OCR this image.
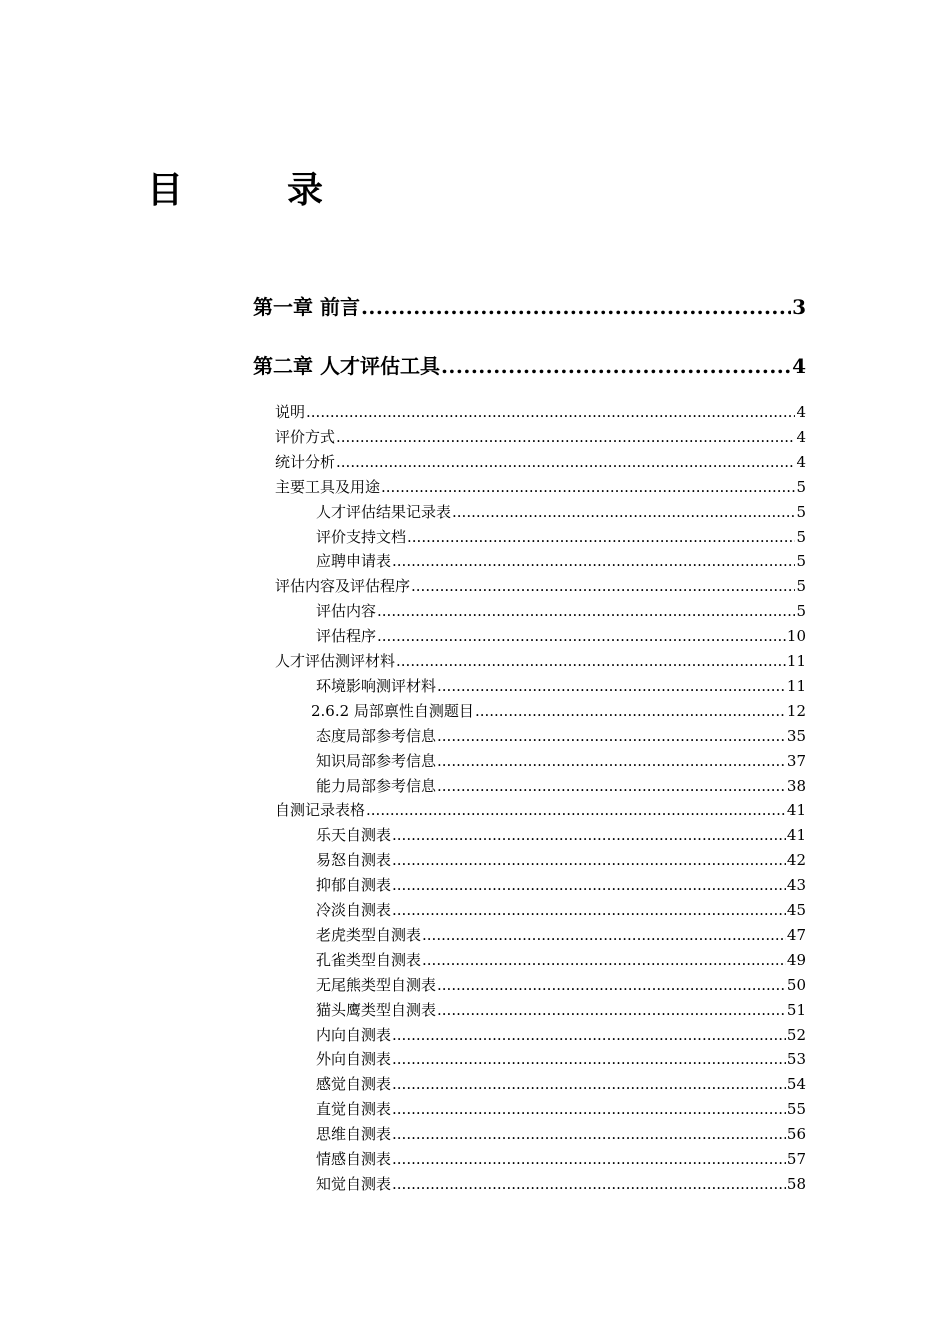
目　录
第一章 前言 .....	3
第二章 人才评估工具 .....	4
说明 .....	4
评价方式 .....	4
统计分析 .....	4
主要工具及用途 .....	5
人才评估结果记录表 .....	5
评价支持文档 .....	5
应聘申请表 .....	5
评估内容及评估程序 .....	5
评估内容 .....	5
评估程序 .....	10
人才评估测评材料 .....	11
环境影响测评材料 .....	11
2.6.2 局部禀性自测题目 .....	12
态度局部参考信息 .....	35
知识局部参考信息 .....	37
能力局部参考信息 .....	38
自测记录表格 .....	41
乐天自测表 .....	41
易怒自测表 .....	42
抑郁自测表 .....	43
冷淡自测表 .....	45
老虎类型自测表 .....	47
孔雀类型自测表 .....	49
无尾熊类型自测表 .....	50
猫头鹰类型自测表 .....	51
内向自测表 .....	52
外向自测表 .....	53
感觉自测表 .....	54
直觉自测表 .....	55
思维自测表 .....	56
情感自测表 .....	57
知觉自测表 .....	58
